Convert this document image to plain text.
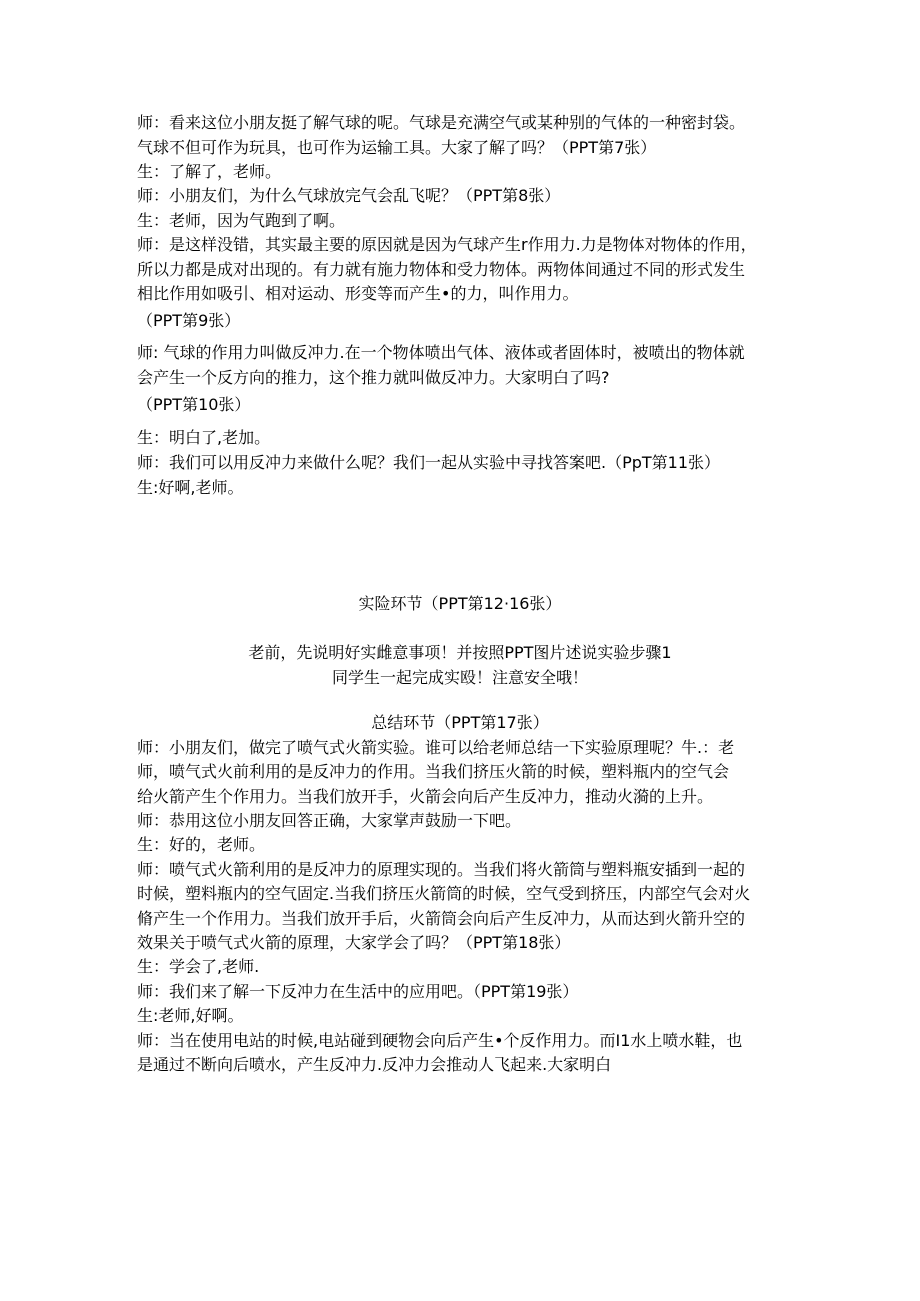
师：看来这位小朋友挺了解气球的呢。气球是充满空气或某种别的气体的一种密封袋。
气球不但可作为玩具，也可作为运输工具。大家了解了吗？（PPT第7张）
生：了解了，老师。
师：小朋友们，为什么气球放完气会乱飞呢？（PPT第8张）
生：老师，因为气跑到了啊。
师：是这样没错，其实最主要的原因就是因为气球产生r作用力.力是物体对物体的作用，
所以力都是成对出现的。有力就有施力物体和受力物体。两物体间通过不同的形式发生
相比作用如吸引、相对运动、形变等而产生•的力，叫作用力。
（PPT第9张）
师: 气球的作用力叫做反冲力.在一个物体喷出气体、液体或者固体时，被喷出的物体就
会产生一个反方向的推力，这个推力就叫做反冲力。大家明白了吗?
（PPT第10张）
生：明白了,老加。
师：我们可以用反冲力来做什么呢？我们一起从实验中寻找答案吧.（PpT第11张）
生:好啊,老师。
实险环节（PPT第12·16张）
老前，先说明好实雌意事项！并按照PPT图片述说实验步骤1
同学生一起完成实殴！注意安全哦！
总结环节（PPT第17张）
师：小朋友们，做完了喷气式火箭实验。谁可以给老师总结一下实验原理呢？牛.：老
师，喷气式火前利用的是反冲力的作用。当我们挤压火箭的时候，塑料瓶内的空气会
给火箭产生个作用力。当我们放开手，火箭会向后产生反冲力，推动火漪的上升。
师：恭用这位小朋友回答正确，大家掌声鼓励一下吧。
生：好的，老师。
师：喷气式火箭利用的是反冲力的原理实现的。当我们将火箭筒与塑料瓶安插到一起的
时候，塑料瓶内的空气固定.当我们挤压火箭筒的时候，空气受到挤压，内部空气会对火
脩产生一个作用力。当我们放开手后，火箭筒会向后产生反冲力，从而达到火箭升空的
效果关于喷气式火箭的原理，大家学会了吗？（PPT第18张）
生：学会了,老师.
师：我们来了解一下反冲力在生活中的应用吧。（PPT第19张）
生:老师,好啊。
师：当在使用电站的时候,电站碰到硬物会向后产生•个反作用力。而I1水上喷水鞋，也
是通过不断向后喷水，产生反冲力.反冲力会推动人飞起来.大家明白
